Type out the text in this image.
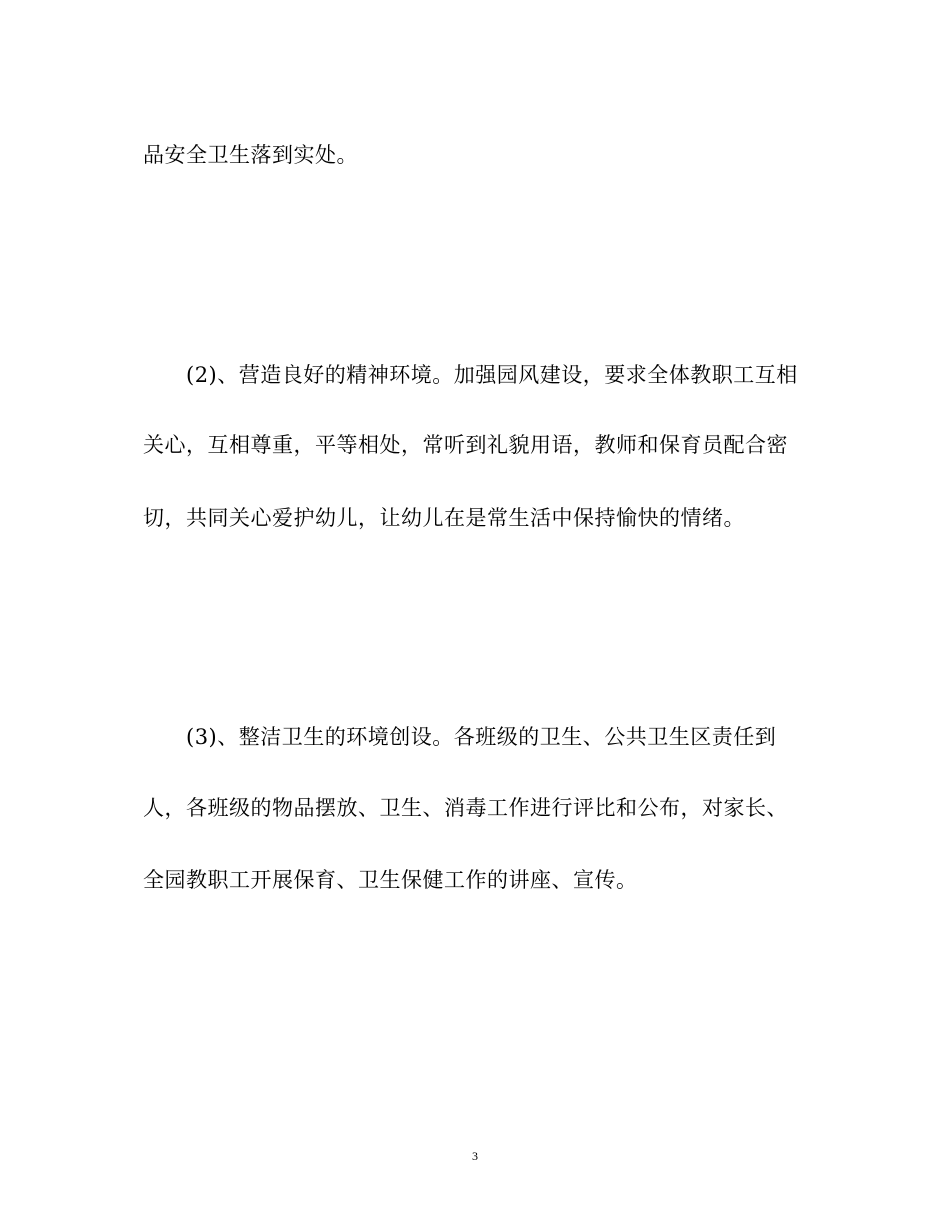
品安全卫生落到实处。
(2)、营造良好的精神环境。加强园风建设，要求全体教职工互相
关心，互相尊重，平等相处，常听到礼貌用语，教师和保育员配合密
切，共同关心爱护幼儿，让幼儿在是常生活中保持愉快的情绪。
(3)、整洁卫生的环境创设。各班级的卫生、公共卫生区责任到
人，各班级的物品摆放、卫生、消毒工作进行评比和公布，对家长、
全园教职工开展保育、卫生保健工作的讲座、宣传。
3
